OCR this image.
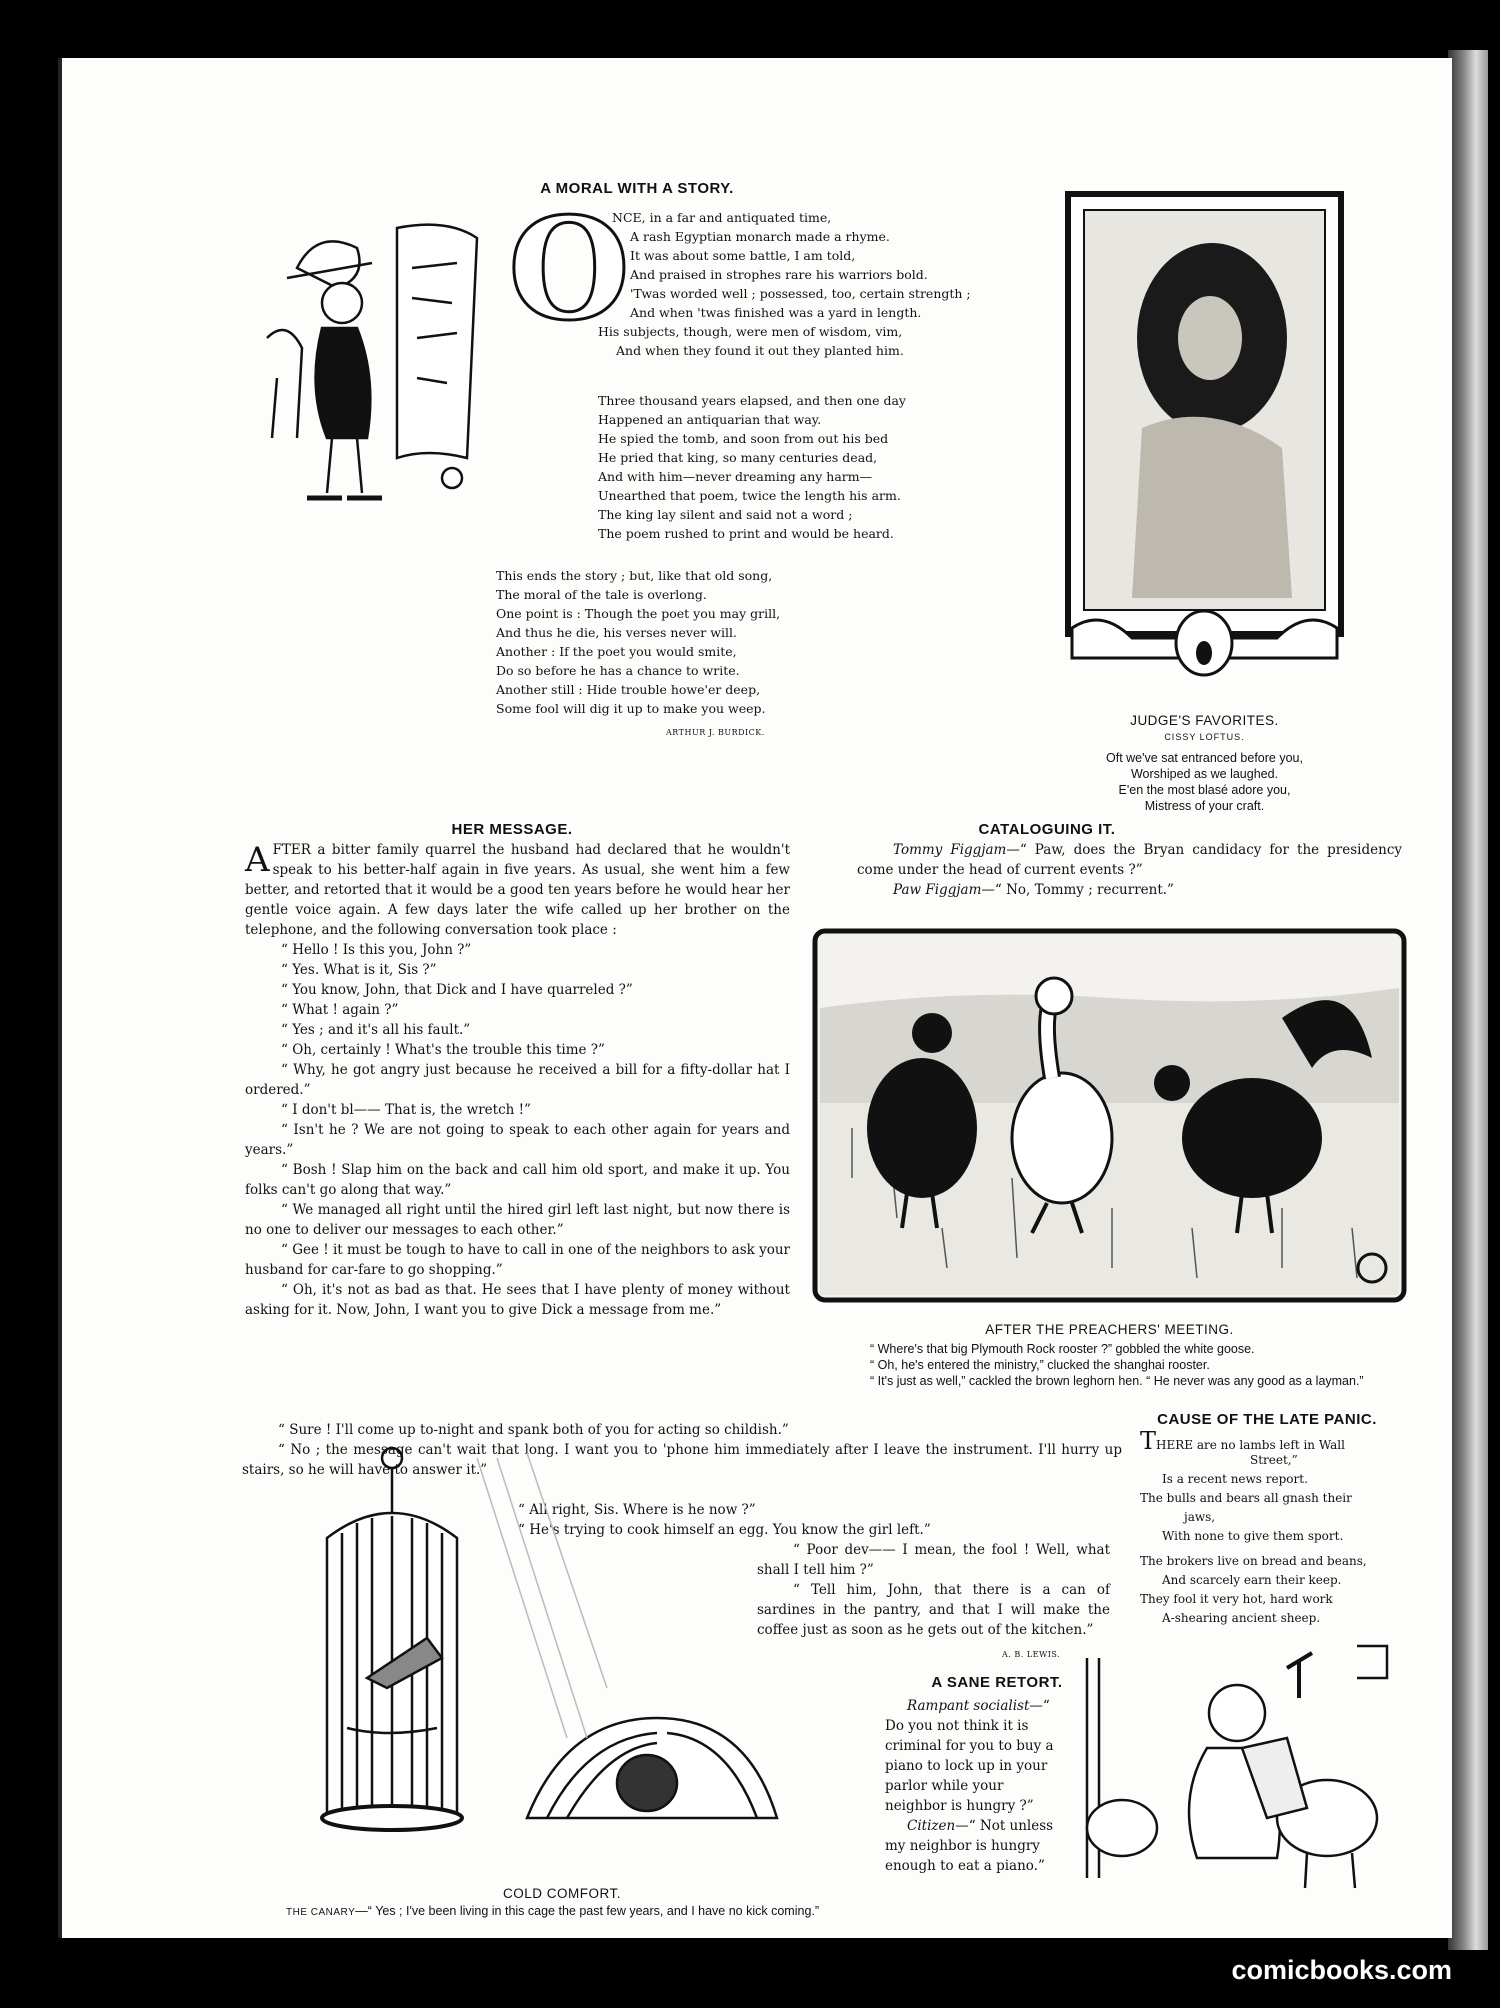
A MORAL WITH A STORY.
O
NCE, in a far and antiquated time,
A rash Egyptian monarch made a rhyme.
It was about some battle, I am told,
And praised in strophes rare his warriors bold.
'Twas worded well ; possessed, too, certain strength ;
And when 'twas finished was a yard in length.
His subjects, though, were men of wisdom, vim,
And when they found it out they planted him.
Three thousand years elapsed, and then one day
Happened an antiquarian that way.
He spied the tomb, and soon from out his bed
He pried that king, so many centuries dead,
And with him—never dreaming any harm—
Unearthed that poem, twice the length his arm.
The king lay silent and said not a word ;
The poem rushed to print and would be heard.
This ends the story ; but, like that old song,
The moral of the tale is overlong.
One point is : Though the poet you may grill,
And thus he die, his verses never will.
Another : If the poet you would smite,
Do so before he has a chance to write.
Another still : Hide trouble howe'er deep,
Some fool will dig it up to make you weep.
ARTHUR J. BURDICK.
JUDGE'S FAVORITES.
CISSY LOFTUS.
Oft we've sat entranced before you,
Worshiped as we laughed.
E'en the most blasé adore you,
Mistress of your craft.
HER MESSAGE.

AFTER a bitter family quarrel the husband had declared that he wouldn't speak to his better-half again in five years. As usual, she went him a few better, and retorted that it would be a good ten years before he would hear her gentle voice again. A few days later the wife called up her brother on the telephone, and the following conversation took place :

“ Hello ! Is this you, John ?”

“ Yes. What is it, Sis ?”

“ You know, John, that Dick and I have quarreled ?”

“ What ! again ?”

“ Yes ; and it's all his fault.”

“ Oh, certainly ! What's the trouble this time ?”

“ Why, he got angry just because he received a bill for a fifty-dollar hat I ordered.”

“ I don't bl—— That is, the wretch !”

“ Isn't he ? We are not going to speak to each other again for years and years.”

“ Bosh ! Slap him on the back and call him old sport, and make it up. You folks can't go along that way.”

“ We managed all right until the hired girl left last night, but now there is no one to deliver our messages to each other.”

“ Gee ! it must be tough to have to call in one of the neighbors to ask your husband for car-fare to go shopping.”

“ Oh, it's not as bad as that. He sees that I have plenty of money without asking for it. Now, John, I want you to give Dick a message from me.”

“ Sure ! I'll come up to-night and spank both of you for acting so childish.”

“ No ; the message can't wait that long. I want you to 'phone him immediately after I leave the instrument. I'll hurry up stairs, so he will have to answer it.”

“ All right, Sis. Where is he now ?”

“ He's trying to cook himself an egg. You know the girl left.”

“ Poor dev—— I mean, the fool ! Well, what shall I tell him ?”

“ Tell him, John, that there is a can of sardines in the pantry, and that I will make the coffee just as soon as he gets out of the kitchen.”

A. B. LEWIS.
CATALOGUING IT.

Tommy Figgjam—“ Paw, does the Bryan candidacy for the presidency come under the head of current events ?”

Paw Figgjam—“ No, Tommy ; recurrent.”

AFTER THE PREACHERS' MEETING.
“ Where's that big Plymouth Rock rooster ?” gobbled the white goose.
“ Oh, he's entered the ministry,” clucked the shanghai rooster.
“ It's just as well,” cackled the brown leghorn hen. “ He never was any good as a layman.”
CAUSE OF THE LATE PANIC.
THERE are no lambs left in Wall
Street,”
Is a recent news report.
The bulls and bears all gnash their
jaws,
With none to give them sport.
The brokers live on bread and beans,
And scarcely earn their keep.
They fool it very hot, hard work
A-shearing ancient sheep.
A SANE RETORT.

Rampant socialist—“ Do you not think it is criminal for you to buy a piano to lock up in your parlor while your neighbor is hungry ?”

Citizen—“ Not unless my neighbor is hungry enough to eat a piano.”

COLD COMFORT.
THE CANARY—“ Yes ; I've been living in this cage the past few years, and I have no kick coming.”
comicbooks.com
